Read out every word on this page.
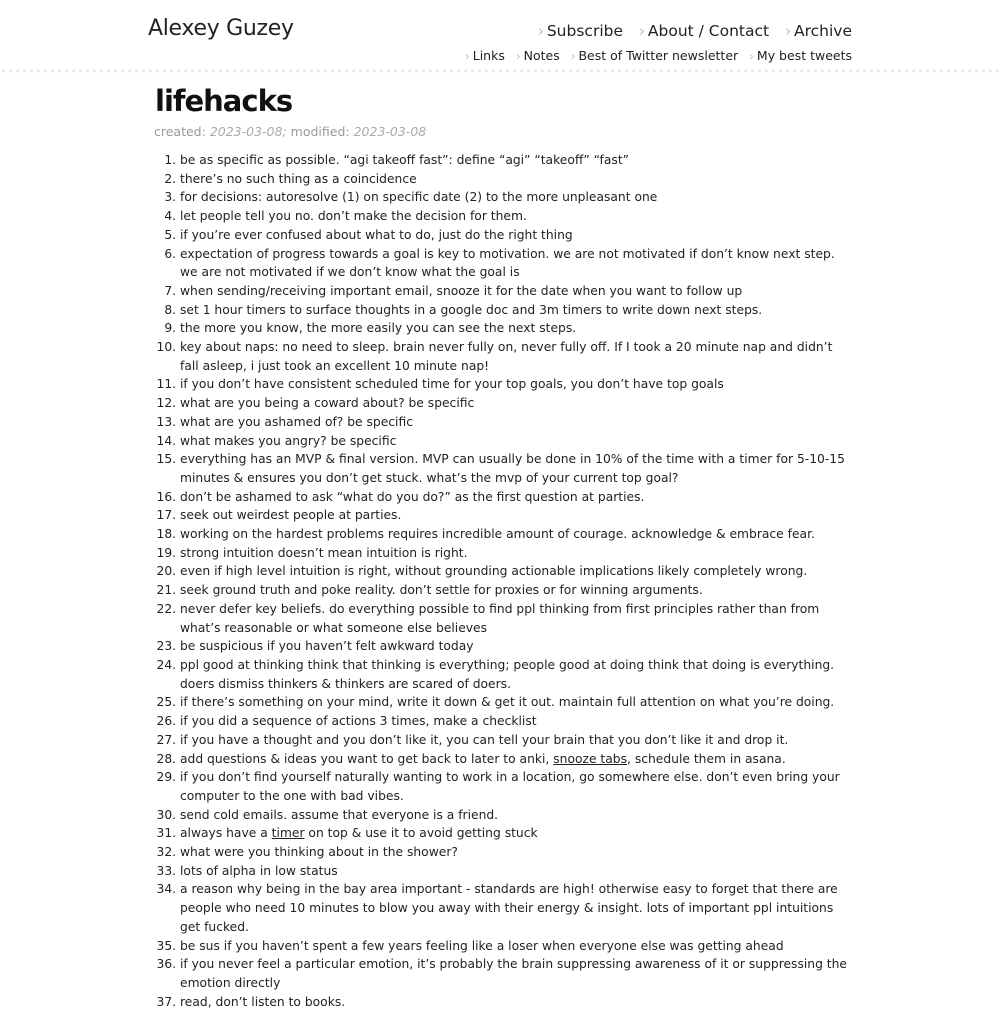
Alexey Guzey	› Subscribe	› About / Contact	› Archive
› Links	› Notes	› Best of Twitter newsletter	› My best tweets
lifehacks
created: 2023-03-08; modified: 2023-03-08
1. be as specific as possible. “agi takeoff fast”: define “agi” “takeoff” “fast”
2. there’s no such thing as a coincidence
3. for decisions: autoresolve (1) on specific date (2) to the more unpleasant one
4. let people tell you no. don’t make the decision for them.
5. if you’re ever confused about what to do, just do the right thing
6. expectation of progress towards a goal is key to motivation. we are not motivated if don’t know next step. we are not motivated if we don’t know what the goal is
7. when sending/receiving important email, snooze it for the date when you want to follow up
8. set 1 hour timers to surface thoughts in a google doc and 3m timers to write down next steps.
9. the more you know, the more easily you can see the next steps.
10. key about naps: no need to sleep. brain never fully on, never fully off. If I took a 20 minute nap and didn’t fall asleep, i just took an excellent 10 minute nap!
11. if you don’t have consistent scheduled time for your top goals, you don’t have top goals
12. what are you being a coward about? be specific
13. what are you ashamed of? be specific
14. what makes you angry? be specific
15. everything has an MVP & final version. MVP can usually be done in 10% of the time with a timer for 5-10-15 minutes & ensures you don’t get stuck. what’s the mvp of your current top goal?
16. don’t be ashamed to ask “what do you do?” as the first question at parties.
17. seek out weirdest people at parties.
18. working on the hardest problems requires incredible amount of courage. acknowledge & embrace fear.
19. strong intuition doesn’t mean intuition is right.
20. even if high level intuition is right, without grounding actionable implications likely completely wrong.
21. seek ground truth and poke reality. don’t settle for proxies or for winning arguments.
22. never defer key beliefs. do everything possible to find ppl thinking from first principles rather than from what’s reasonable or what someone else believes
23. be suspicious if you haven’t felt awkward today
24. ppl good at thinking think that thinking is everything; people good at doing think that doing is everything. doers dismiss thinkers & thinkers are scared of doers.
25. if there’s something on your mind, write it down & get it out. maintain full attention on what you’re doing.
26. if you did a sequence of actions 3 times, make a checklist
27. if you have a thought and you don’t like it, you can tell your brain that you don’t like it and drop it.
28. add questions & ideas you want to get back to later to anki, snooze tabs, schedule them in asana.
29. if you don’t find yourself naturally wanting to work in a location, go somewhere else. don’t even bring your computer to the one with bad vibes.
30. send cold emails. assume that everyone is a friend.
31. always have a timer on top & use it to avoid getting stuck
32. what were you thinking about in the shower?
33. lots of alpha in low status
34. a reason why being in the bay area important - standards are high! otherwise easy to forget that there are people who need 10 minutes to blow you away with their energy & insight. lots of important ppl intuitions get fucked.
35. be sus if you haven’t spent a few years feeling like a loser when everyone else was getting ahead
36. if you never feel a particular emotion, it’s probably the brain suppressing awareness of it or suppressing the emotion directly
37. read, don’t listen to books.
